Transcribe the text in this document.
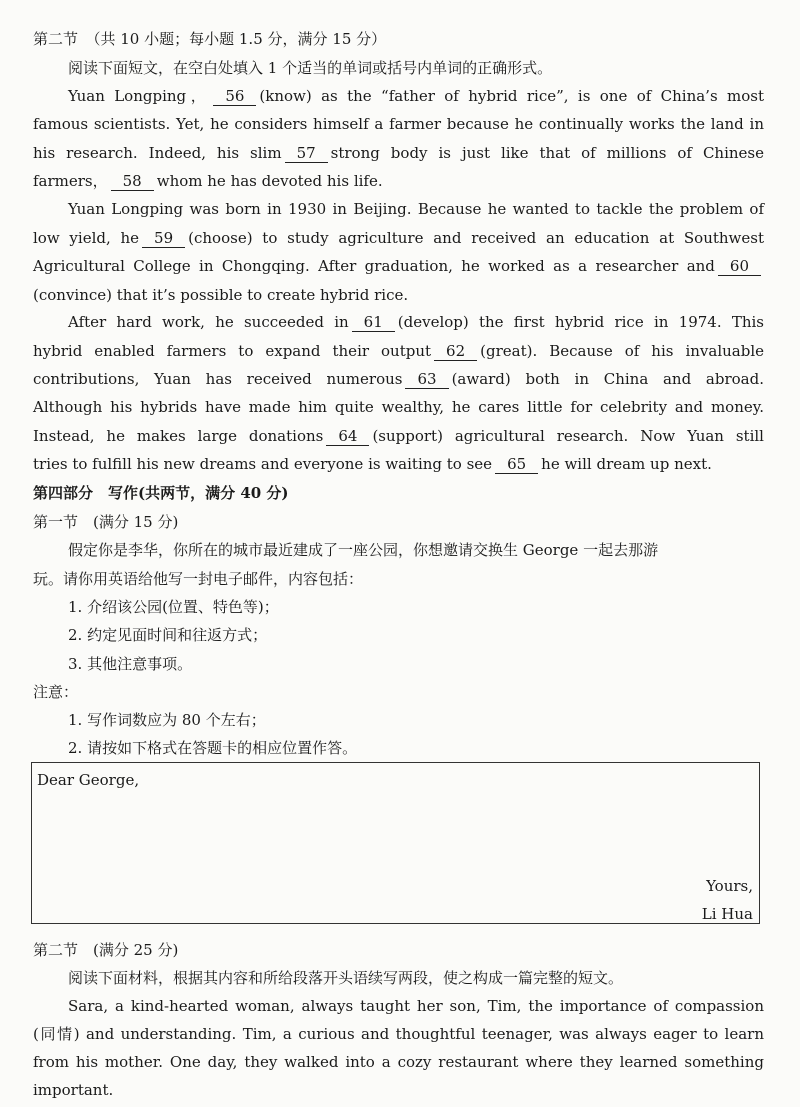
第二节　（共 10 小题；每小题 1.5 分，满分 15 分）
阅读下面短文，在空白处填入 1 个适当的单词或括号内单词的正确形式。
Yuan Longping， 56 (know) as the “father of hybrid rice”, is one of China’s most
famous scientists. Yet, he considers himself a farmer because he continually works the land in
his research. Indeed, his slim 57 strong body is just like that of millions of Chinese
farmers， 58 whom he has devoted his life.
Yuan Longping was born in 1930 in Beijing. Because he wanted to tackle the problem of
low yield, he 59 (choose) to study agriculture and received an education at Southwest
Agricultural College in Chongqing. After graduation, he worked as a researcher and 60
(convince) that it’s possible to create hybrid rice.
After hard work, he succeeded in 61 (develop) the first hybrid rice in 1974. This
hybrid enabled farmers to expand their output 62 (great). Because of his invaluable
contributions, Yuan has received numerous 63 (award) both in China and abroad.
Although his hybrids have made him quite wealthy, he cares little for celebrity and money.
Instead, he makes large donations 64 (support) agricultural research. Now Yuan still
tries to fulfill his new dreams and everyone is waiting to see 65 he will dream up next.
第四部分　写作(共两节，满分 40 分)
第一节　(满分 15 分)
假定你是李华，你所在的城市最近建成了一座公园，你想邀请交换生 George 一起去那游
玩。请你用英语给他写一封电子邮件，内容包括：
1. 介绍该公园(位置、特色等)；
2. 约定见面时间和往返方式；
3. 其他注意事项。
注意：
1. 写作词数应为 80 个左右；
2. 请按如下格式在答题卡的相应位置作答。
Dear George,
Yours,
Li Hua
第二节　(满分 25 分)
阅读下面材料，根据其内容和所给段落开头语续写两段，使之构成一篇完整的短文。
Sara, a kind-hearted woman, always taught her son, Tim, the importance of compassion
(同情) and understanding. Tim, a curious and thoughtful teenager, was always eager to learn
from his mother. One day, they walked into a cozy restaurant where they learned something
important.
